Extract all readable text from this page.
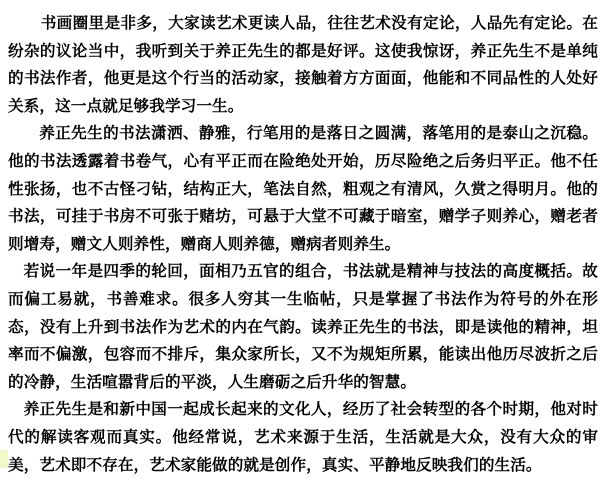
书画圈里是非多，大家读艺术更读人品，往往艺术没有定论，人品先有定论。在纷杂的议论当中，我听到关于养正先生的都是好评。这使我惊讶，养正先生不是单纯的书法作者，他更是这个行当的活动家，接触着方方面面，他能和不同品性的人处好关系，这一点就足够我学习一生。

养正先生的书法潇洒、静雅，行笔用的是落日之圆满，落笔用的是泰山之沉稳。他的书法透露着书卷气，心有平正而在险绝处开始，历尽险绝之后务归平正。他不任性张扬，也不古怪刁钻，结构正大，笔法自然，粗观之有清风，久赏之得明月。他的书法，可挂于书房不可张于赌坊，可悬于大堂不可藏于暗室，赠学子则养心，赠老者则增寿，赠文人则养性，赠商人则养德，赠病者则养生。

若说一年是四季的轮回，面相乃五官的组合，书法就是精神与技法的高度概括。故而偏工易就，书善难求。很多人穷其一生临帖，只是掌握了书法作为符号的外在形态，没有上升到书法作为艺术的内在气韵。读养正先生的书法，即是读他的精神，坦率而不偏激，包容而不排斥，集众家所长，又不为规矩所累，能读出他历尽波折之后的冷静，生活喧嚣背后的平淡，人生磨砺之后升华的智慧。

养正先生是和新中国一起成长起来的文化人，经历了社会转型的各个时期，他对时代的解读客观而真实。他经常说，艺术来源于生活，生活就是大众，没有大众的审美，艺术即不存在，艺术家能做的就是创作，真实、平静地反映我们的生活。
